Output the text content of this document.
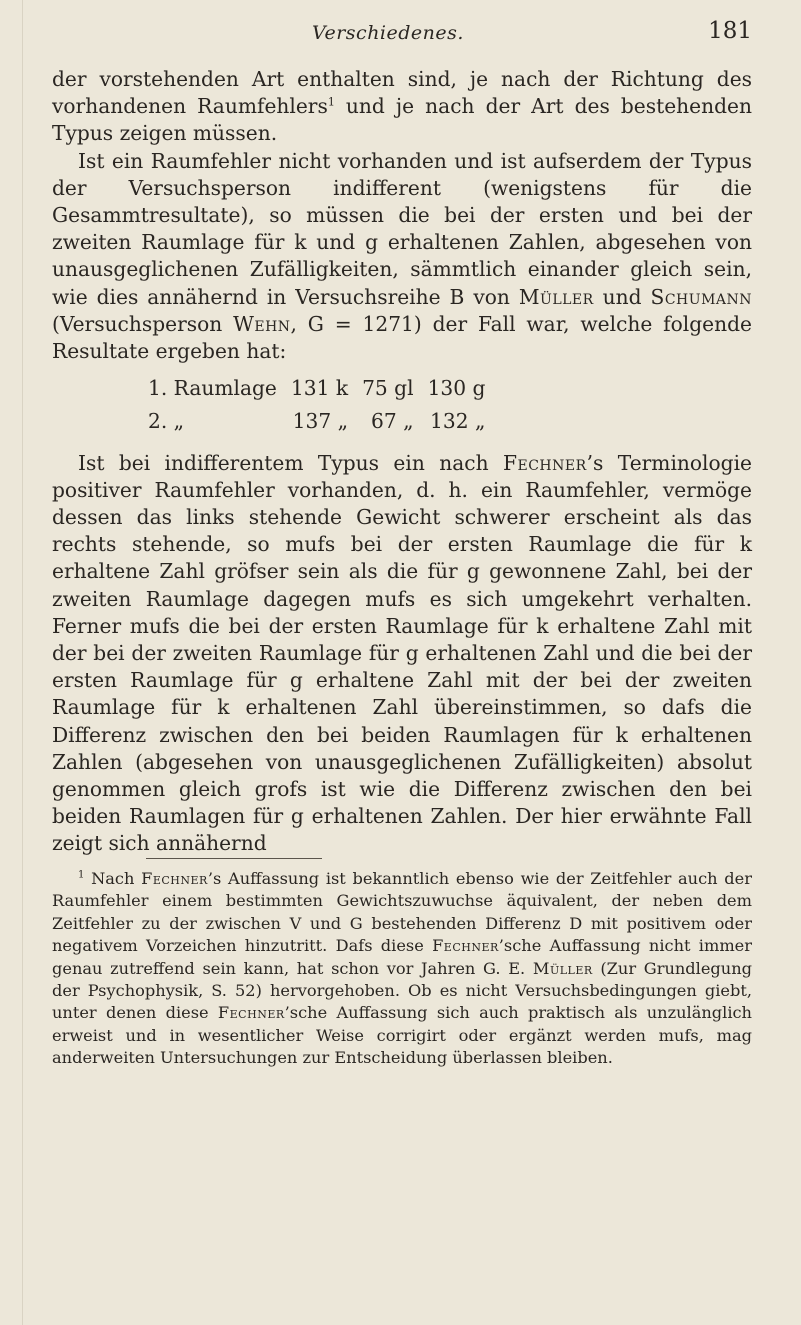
Verschiedenes.	181

der vorstehenden Art enthalten sind, je nach der Richtung des vorhandenen Raumfehlers$^1$ und je nach der Art des bestehenden Typus zeigen müssen.

Ist ein Raumfehler nicht vorhanden und ist aufserdem der Typus der Versuchsperson indifferent (wenigstens für die Gesammtresultate), so müssen die bei der ersten und bei der zweiten Raumlage für k und g erhaltenen Zahlen, abgesehen von unausgeglichenen Zufälligkeiten, sämmtlich einander gleich sein, wie dies annähernd in Versuchsreihe B von Müller und Schumann (Versuchsperson Wehn, G = 1271) der Fall war, welche folgende Resultate ergeben hat:

1. Raumlage	131 k	75 gl	130 g
2. „	137 „	67 „	132 „

Ist bei indifferentem Typus ein nach Fechner’s Terminologie positiver Raumfehler vorhanden, d. h. ein Raumfehler, vermöge dessen das links stehende Gewicht schwerer erscheint als das rechts stehende, so mufs bei der ersten Raumlage die für k erhaltene Zahl gröfser sein als die für g gewonnene Zahl, bei der zweiten Raumlage dagegen mufs es sich umgekehrt verhalten. Ferner mufs die bei der ersten Raumlage für k erhaltene Zahl mit der bei der zweiten Raumlage für g erhaltenen Zahl und die bei der ersten Raumlage für g erhaltene Zahl mit der bei der zweiten Raumlage für k erhaltenen Zahl übereinstimmen, so dafs die Differenz zwischen den bei beiden Raumlagen für k erhaltenen Zahlen (abgesehen von unausgeglichenen Zufälligkeiten) absolut genommen gleich grofs ist wie die Differenz zwischen den bei beiden Raumlagen für g erhaltenen Zahlen. Der hier erwähnte Fall zeigt sich annähernd

$^1$ Nach Fechner’s Auffassung ist bekanntlich ebenso wie der Zeitfehler auch der Raumfehler einem bestimmten Gewichtszuwuchse äquivalent, der neben dem Zeitfehler zu der zwischen V und G bestehenden Differenz D mit positivem oder negativem Vorzeichen hinzutritt. Dafs diese Fechner’sche Auffassung nicht immer genau zutreffend sein kann, hat schon vor Jahren G. E. Müller (Zur Grundlegung der Psychophysik, S. 52) hervorgehoben. Ob es nicht Versuchsbedingungen giebt, unter denen diese Fechner’sche Auffassung sich auch praktisch als unzulänglich erweist und in wesentlicher Weise corrigirt oder ergänzt werden mufs, mag anderweiten Untersuchungen zur Entscheidung überlassen bleiben.
